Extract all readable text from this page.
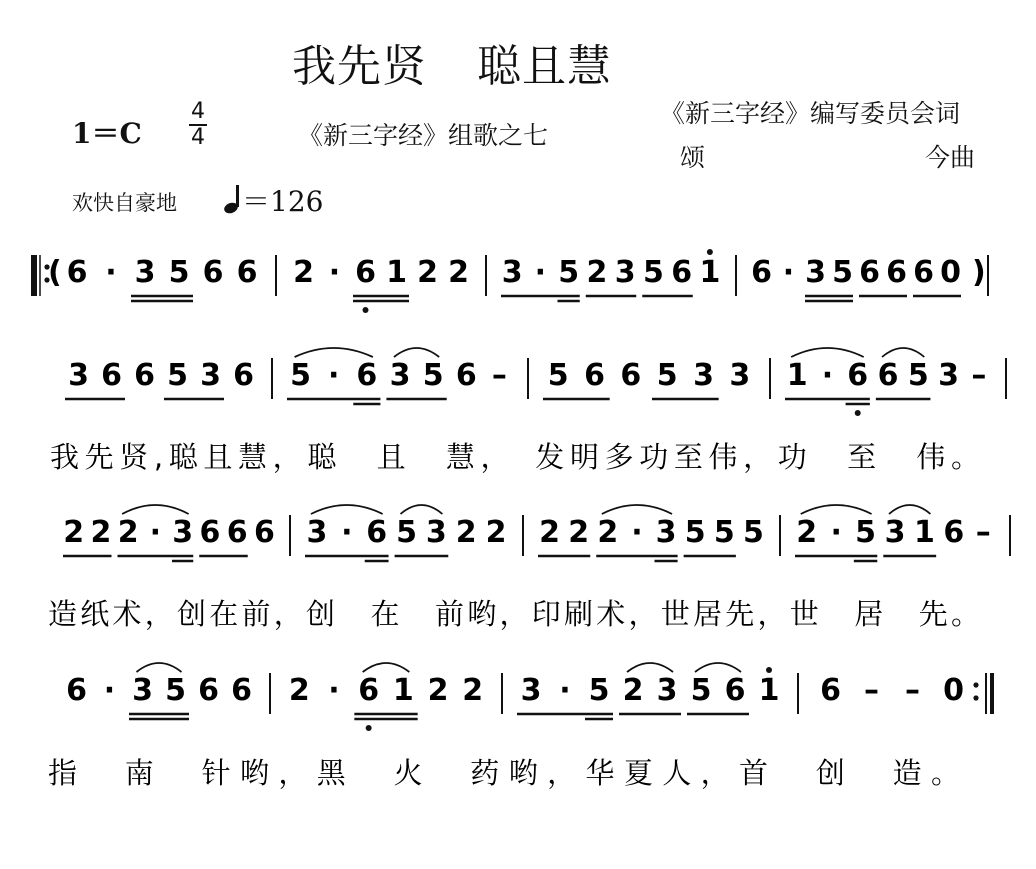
我先贤 聪且慧
1＝C
4
4	《新三字经》组歌之七
《新三字经》编写委员会词
颂	今曲
欢快自豪地	＝126
( 6 · 3 5 6 6 2 · 6 1 2 2 3 · 5 2 3 5 6 1	)
6 · 3 5 6 6 6 0
3 6 6 5 3 6 5 · 6 3 5 6 – 5 6 6 5 3 3 1 · 6 6 5 3 –
我先贤,聪且慧，聪　且　慧，　发明多功至伟，功　至　伟。
2 2 2 · 3 6 6 6 3 · 6 5 3 2 2 2 2 2 · 3 5 5 5 2 · 5 3 1 6 –
造纸术，创在前，创　在　前哟，印刷术，世居先，世　居　先。
6 · 3 5 6 6 2 · 6 1 2 2 3 · 5 2 3 5 6 1 6 – – 0
指　南　针哟，黑　火　药哟，华夏人，首　创　造。
